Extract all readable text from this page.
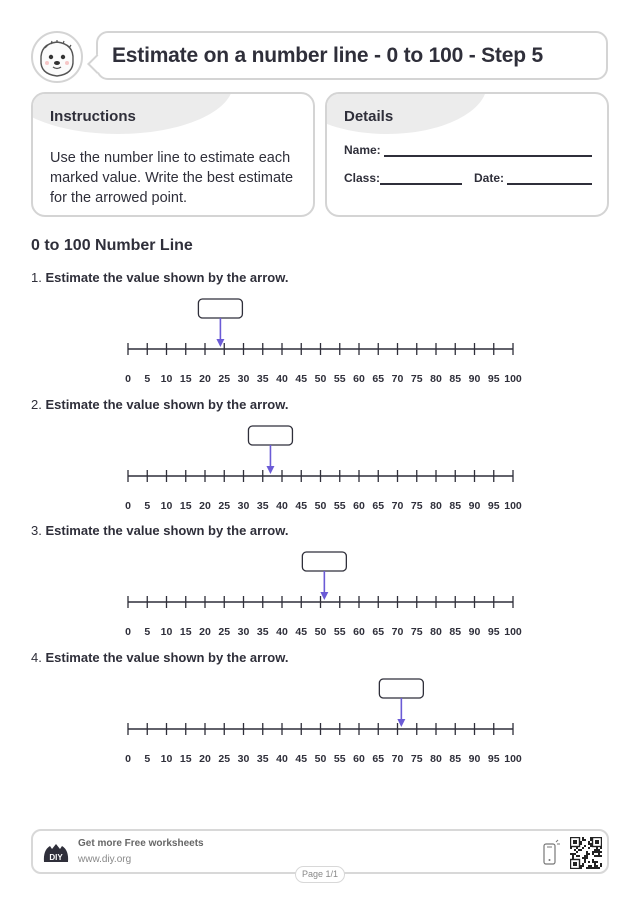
Estimate on a number line - 0 to 100 - Step 5
Instructions
Use the number line to estimate each marked value. Write the best estimate for the arrowed point.
Details
Name:
Class:	Date:
0 to 100 Number Line
1. Estimate the value shown by the arrow.
0 5 10 15 20 25 30 35 40 45 50 55 60 65 70 75 80 85 90 95 100
2. Estimate the value shown by the arrow.
0 5 10 15 20 25 30 35 40 45 50 55 60 65 70 75 80 85 90 95 100
3. Estimate the value shown by the arrow.
0 5 10 15 20 25 30 35 40 45 50 55 60 65 70 75 80 85 90 95 100
4. Estimate the value shown by the arrow.
0 5 10 15 20 25 30 35 40 45 50 55 60 65 70 75 80 85 90 95 100
DIY
Get more Free worksheets
www.diy.org
Page 1/1
